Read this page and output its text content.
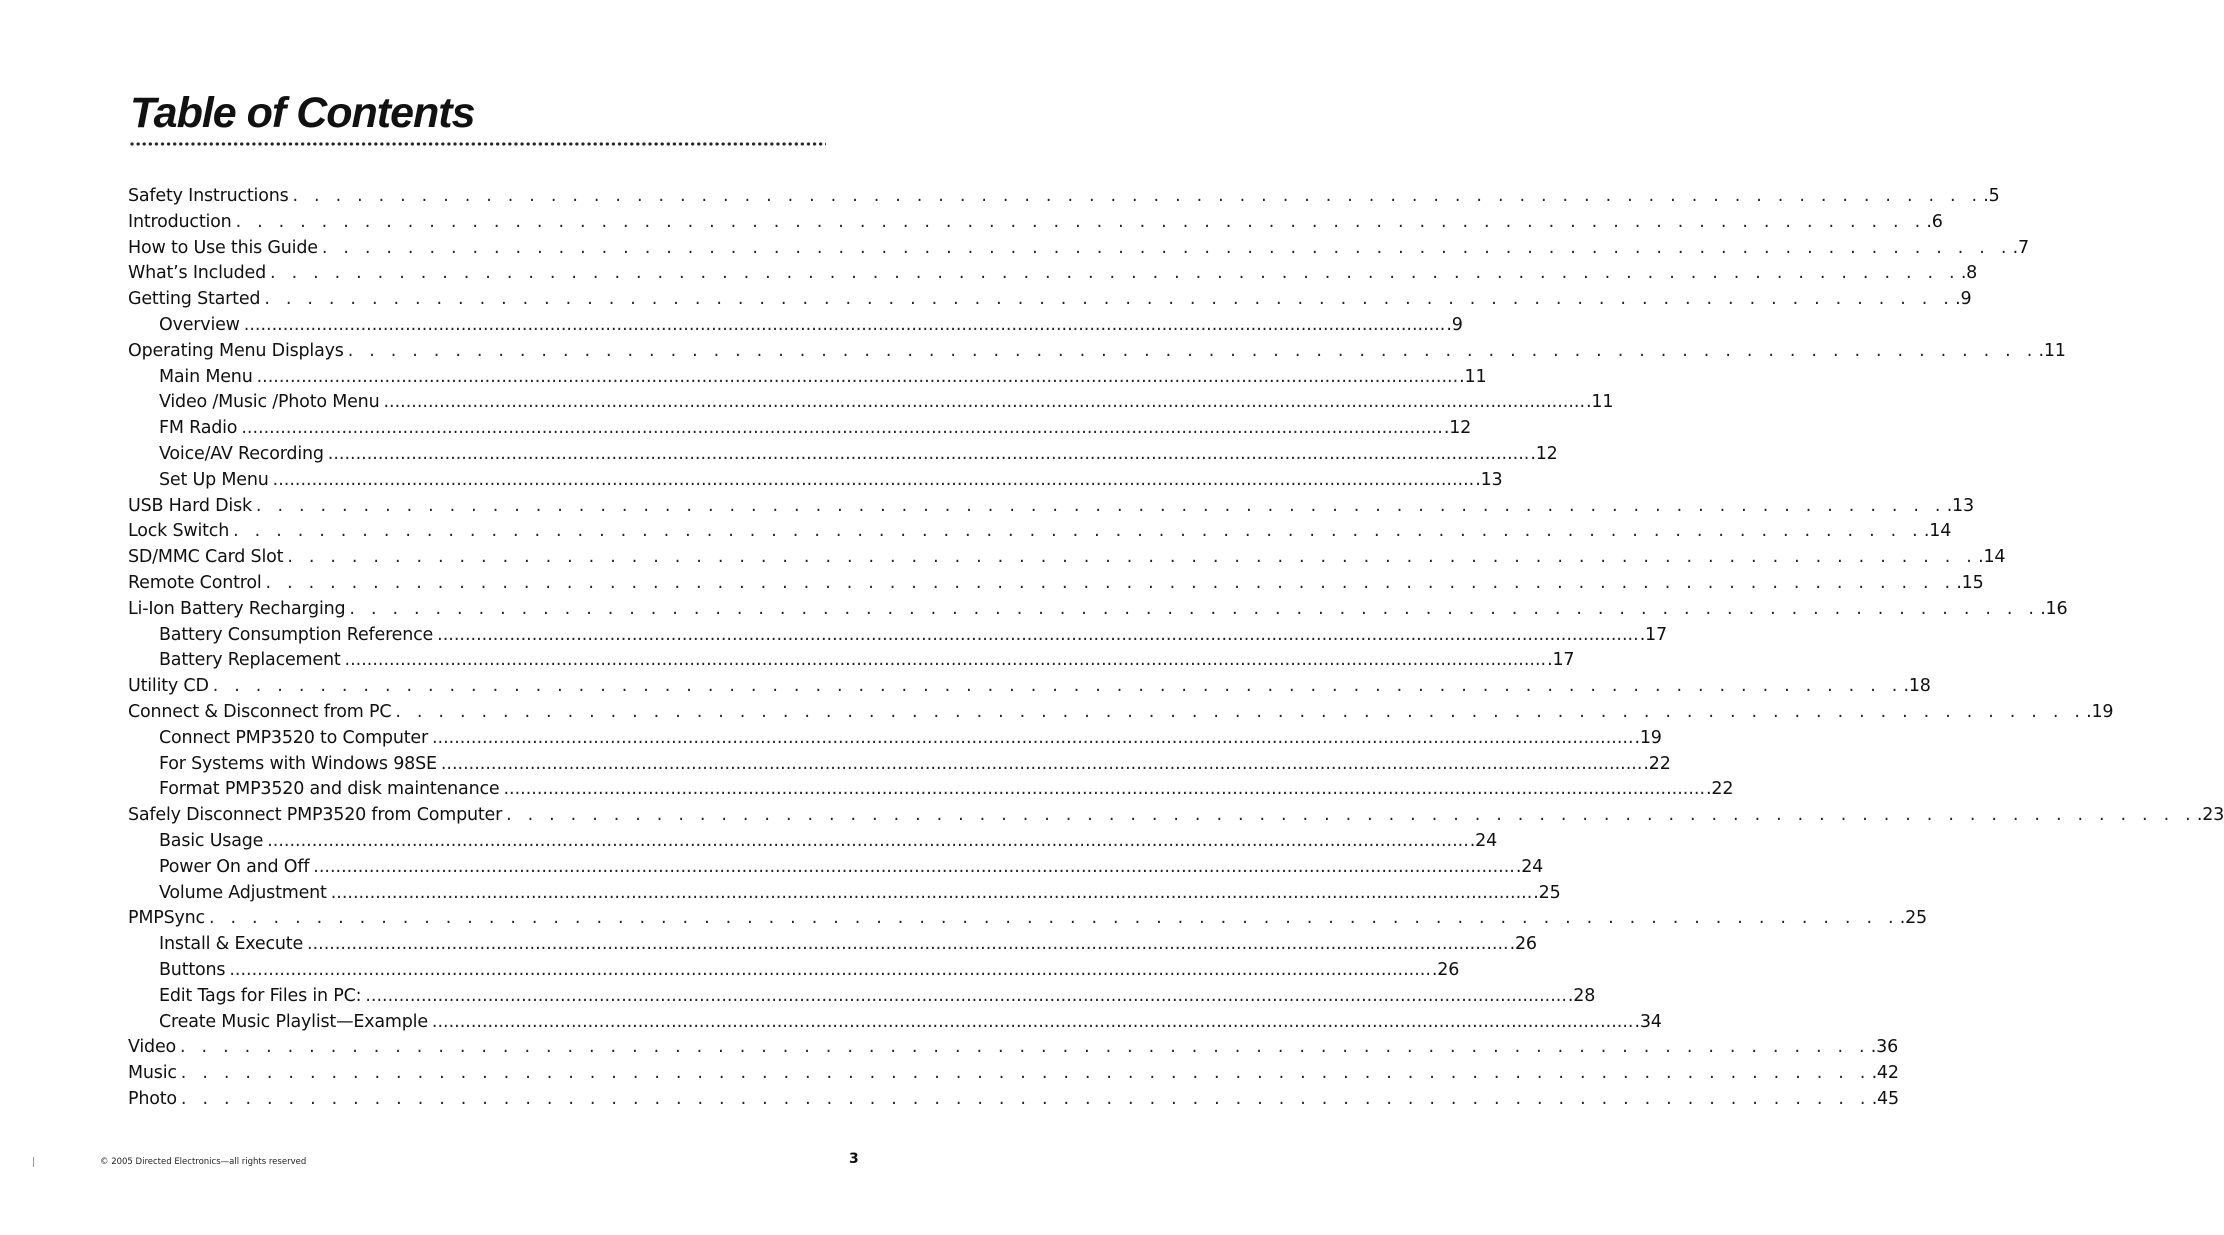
Table of Contents
Safety Instructions . . . . . . . . . . . . . . . . . . . . . . . . . . . . . . . . . . . . . . . . . . . . . . . . . . . . . . . . . . . . . . . . . . . . . . . . . . . . . . . .5
Introduction . . . . . . . . . . . . . . . . . . . . . . . . . . . . . . . . . . . . . . . . . . . . . . . . . . . . . . . . . . . . . . . . . . . . . . . . . . . . . . . .6
How to Use this Guide . . . . . . . . . . . . . . . . . . . . . . . . . . . . . . . . . . . . . . . . . . . . . . . . . . . . . . . . . . . . . . . . . . . . . . . . . . . . . . . .7
What’s Included . . . . . . . . . . . . . . . . . . . . . . . . . . . . . . . . . . . . . . . . . . . . . . . . . . . . . . . . . . . . . . . . . . . . . . . . . . . . . . . .8
Getting Started . . . . . . . . . . . . . . . . . . . . . . . . . . . . . . . . . . . . . . . . . . . . . . . . . . . . . . . . . . . . . . . . . . . . . . . . . . . . . . . .9
Overview ........................................................................................................................................................................................................................ .9
Operating Menu Displays . . . . . . . . . . . . . . . . . . . . . . . . . . . . . . . . . . . . . . . . . . . . . . . . . . . . . . . . . . . . . . . . . . . . . . . . . . . . . . . .11
Main Menu ........................................................................................................................................................................................................................ .11
Video /Music /Photo Menu ........................................................................................................................................................................................................................ .11
FM Radio ........................................................................................................................................................................................................................ .12
Voice/AV Recording ........................................................................................................................................................................................................................ .12
Set Up Menu ........................................................................................................................................................................................................................ .13
USB Hard Disk . . . . . . . . . . . . . . . . . . . . . . . . . . . . . . . . . . . . . . . . . . . . . . . . . . . . . . . . . . . . . . . . . . . . . . . . . . . . . . . .13
Lock Switch . . . . . . . . . . . . . . . . . . . . . . . . . . . . . . . . . . . . . . . . . . . . . . . . . . . . . . . . . . . . . . . . . . . . . . . . . . . . . . . .14
SD/MMC Card Slot . . . . . . . . . . . . . . . . . . . . . . . . . . . . . . . . . . . . . . . . . . . . . . . . . . . . . . . . . . . . . . . . . . . . . . . . . . . . . . . .14
Remote Control . . . . . . . . . . . . . . . . . . . . . . . . . . . . . . . . . . . . . . . . . . . . . . . . . . . . . . . . . . . . . . . . . . . . . . . . . . . . . . . .15
Li-Ion Battery Recharging . . . . . . . . . . . . . . . . . . . . . . . . . . . . . . . . . . . . . . . . . . . . . . . . . . . . . . . . . . . . . . . . . . . . . . . . . . . . . . . .16
Battery Consumption Reference ........................................................................................................................................................................................................................ .17
Battery Replacement ........................................................................................................................................................................................................................ .17
Utility CD . . . . . . . . . . . . . . . . . . . . . . . . . . . . . . . . . . . . . . . . . . . . . . . . . . . . . . . . . . . . . . . . . . . . . . . . . . . . . . . .18
Connect & Disconnect from PC . . . . . . . . . . . . . . . . . . . . . . . . . . . . . . . . . . . . . . . . . . . . . . . . . . . . . . . . . . . . . . . . . . . . . . . . . . . . . . . .19
Connect PMP3520 to Computer ........................................................................................................................................................................................................................ .19
For Systems with Windows 98SE ........................................................................................................................................................................................................................ .22
Format PMP3520 and disk maintenance ........................................................................................................................................................................................................................ .22
Safely Disconnect PMP3520 from Computer . . . . . . . . . . . . . . . . . . . . . . . . . . . . . . . . . . . . . . . . . . . . . . . . . . . . . . . . . . . . . . . . . . . . . . . . . . . . . . . .23
Basic Usage ........................................................................................................................................................................................................................ .24
Power On and Off ........................................................................................................................................................................................................................ .24
Volume Adjustment ........................................................................................................................................................................................................................ .25
PMPSync . . . . . . . . . . . . . . . . . . . . . . . . . . . . . . . . . . . . . . . . . . . . . . . . . . . . . . . . . . . . . . . . . . . . . . . . . . . . . . . .25
Install & Execute ........................................................................................................................................................................................................................ .26
Buttons ........................................................................................................................................................................................................................ .26
Edit Tags for Files in PC: ........................................................................................................................................................................................................................ .28
Create Music Playlist—Example ........................................................................................................................................................................................................................ .34
Video . . . . . . . . . . . . . . . . . . . . . . . . . . . . . . . . . . . . . . . . . . . . . . . . . . . . . . . . . . . . . . . . . . . . . . . . . . . . . . . .36
Music . . . . . . . . . . . . . . . . . . . . . . . . . . . . . . . . . . . . . . . . . . . . . . . . . . . . . . . . . . . . . . . . . . . . . . . . . . . . . . . .42
Photo . . . . . . . . . . . . . . . . . . . . . . . . . . . . . . . . . . . . . . . . . . . . . . . . . . . . . . . . . . . . . . . . . . . . . . . . . . . . . . . .45
© 2005 Directed Electronics—all rights reserved	3
